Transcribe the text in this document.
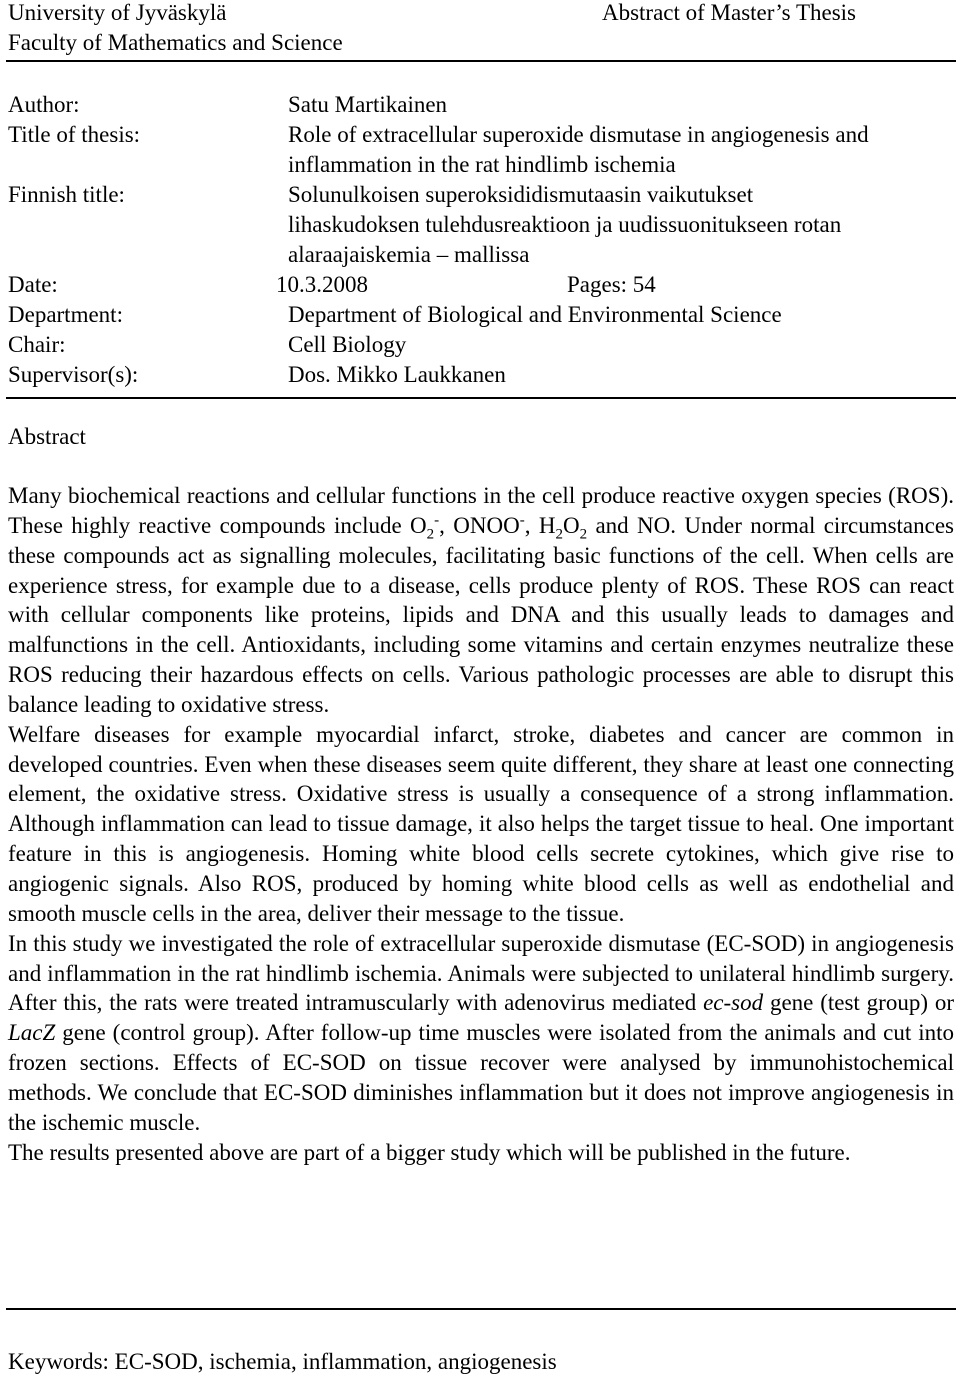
University of Jyväskylä
Faculty of Mathematics and Science
Abstract of Master’s Thesis
Author:	Satu Martikainen
Title of thesis:	Role of extracellular superoxide dismutase in angiogenesis and
inflammation in the rat hindlimb ischemia
Finnish title:	Solunulkoisen superoksididismutaasin vaikutukset
lihaskudoksen tulehdusreaktioon ja uudissuonitukseen rotan
alaraajaiskemia – mallissa
Date:	10.3.2008	Pages: 54
Department:	Department of Biological and Environmental Science
Chair:	Cell Biology
Supervisor(s):	Dos. Mikko Laukkanen
Abstract

Many biochemical reactions and cellular functions in the cell produce reactive oxygen species (ROS). These highly reactive compounds include $O_2^-$, ONOO-, $H_2O_2$ and NO. Under normal circumstances these compounds act as signalling molecules, facilitating basic functions of the cell. When cells are experience stress, for example due to a disease, cells produce plenty of ROS. These ROS can react with cellular components like proteins, lipids and DNA and this usually leads to damages and malfunctions in the cell. Antioxidants, including some vitamins and certain enzymes neutralize these ROS reducing their hazardous effects on cells. Various pathologic processes are able to disrupt this balance leading to oxidative stress.

Welfare diseases for example myocardial infarct, stroke, diabetes and cancer are common in developed countries. Even when these diseases seem quite different, they share at least one connecting element, the oxidative stress. Oxidative stress is usually a consequence of a strong inflammation. Although inflammation can lead to tissue damage, it also helps the target tissue to heal. One important feature in this is angiogenesis. Homing white blood cells secrete cytokines, which give rise to angiogenic signals. Also ROS, produced by homing white blood cells as well as endothelial and smooth muscle cells in the area, deliver their message to the tissue.

In this study we investigated the role of extracellular superoxide dismutase (EC-SOD) in angiogenesis and inflammation in the rat hindlimb ischemia. Animals were subjected to unilateral hindlimb surgery. After this, the rats were treated intramuscularly with adenovirus mediated ec-sod gene (test group) or LacZ gene (control group). After follow-up time muscles were isolated from the animals and cut into frozen sections. Effects of EC-SOD on tissue recover were analysed by immunohistochemical methods. We conclude that EC-SOD diminishes inflammation but it does not improve angiogenesis in the ischemic muscle.

The results presented above are part of a bigger study which will be published in the future.

Keywords: EC-SOD, ischemia, inflammation, angiogenesis
